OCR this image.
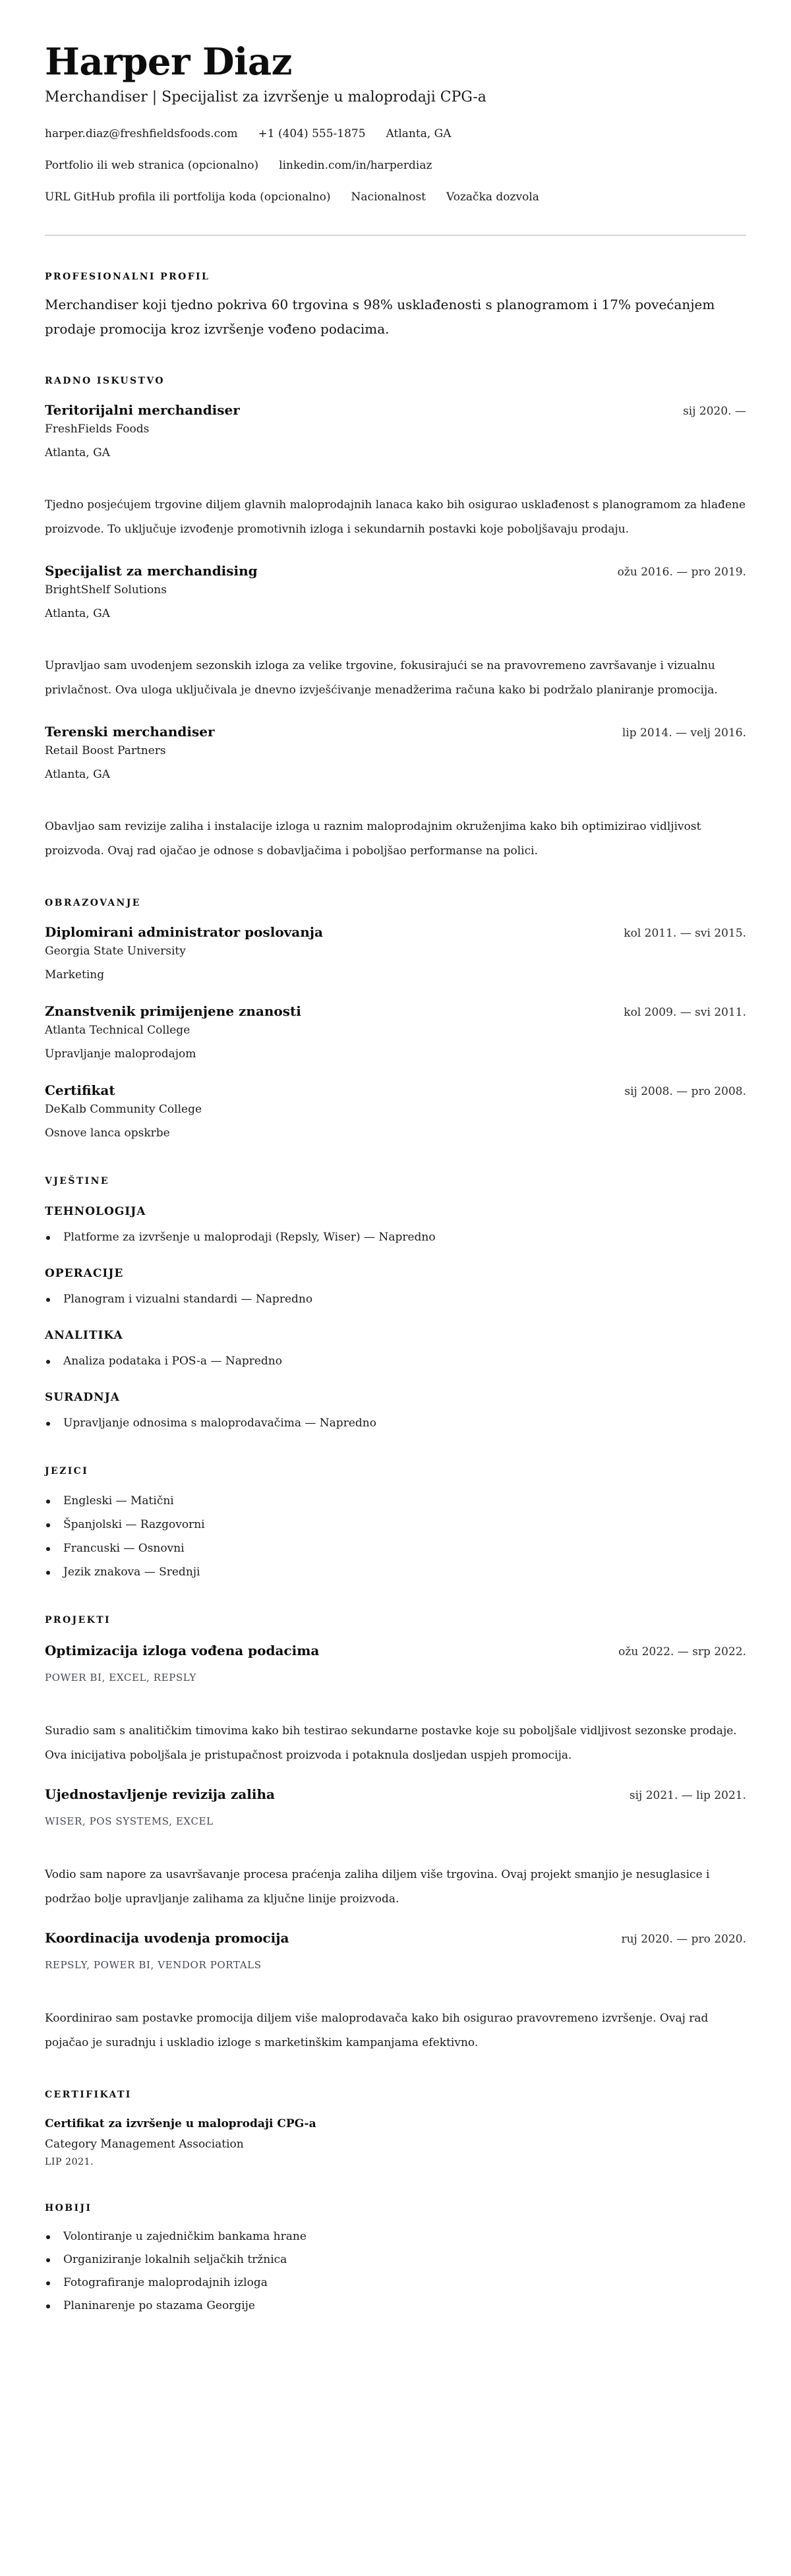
Harper Diaz
Merchandiser | Specijalist za izvršenje u maloprodaji CPG-a
harper.diaz@freshfieldsfoods.com +1 (404) 555-1875 Atlanta, GA
Portfolio ili web stranica (opcionalno) linkedin.com/in/harperdiaz
URL GitHub profila ili portfolija koda (opcionalno) Nacionalnost Vozačka dozvola
PROFESIONALNI PROFIL

Merchandiser koji tjedno pokriva 60 trgovina s 98% usklađenosti s planogramom i 17% povećanjem prodaje promocija kroz izvršenje vođeno podacima.

RADNO ISKUSTVO
Teritorijalni merchandiser	sij 2020. —
FreshFields Foods
Atlanta, GA

Tjedno posjećujem trgovine diljem glavnih maloprodajnih lanaca kako bih osigurao usklađenost s planogramom za hlađene proizvode. To uključuje izvođenje promotivnih izloga i sekundarnih postavki koje poboljšavaju prodaju.

Specijalist za merchandising	ožu 2016. — pro 2019.
BrightShelf Solutions
Atlanta, GA

Upravljao sam uvodenjem sezonskih izloga za velike trgovine, fokusirajući se na pravovremeno završavanje i vizualnu privlačnost. Ova uloga uključivala je dnevno izvješćivanje menadžerima računa kako bi podržalo planiranje promocija.

Terenski merchandiser	lip 2014. — velj 2016.
Retail Boost Partners
Atlanta, GA

Obavljao sam revizije zaliha i instalacije izloga u raznim maloprodajnim okruženjima kako bih optimizirao vidljivost proizvoda. Ovaj rad ojačao je odnose s dobavljačima i poboljšao performanse na polici.

OBRAZOVANJE
Diplomirani administrator poslovanja	kol 2011. — svi 2015.
Georgia State University
Marketing
Znanstvenik primijenjene znanosti	kol 2009. — svi 2011.
Atlanta Technical College
Upravljanje maloprodajom
Certifikat	sij 2008. — pro 2008.
DeKalb Community College
Osnove lanca opskrbe
VJEŠTINE
TEHNOLOGIJA
Platforme za izvršenje u maloprodaji (Repsly, Wiser) — Napredno
OPERACIJE
Planogram i vizualni standardi — Napredno
ANALITIKA
Analiza podataka i POS-a — Napredno
SURADNJA
Upravljanje odnosima s maloprodavačima — Napredno
JEZICI
Engleski — Matični
Španjolski — Razgovorni
Francuski — Osnovni
Jezik znakova — Srednji
PROJEKTI
Optimizacija izloga vođena podacima	ožu 2022. — srp 2022.
POWER BI, EXCEL, REPSLY

Suradio sam s analitičkim timovima kako bih testirao sekundarne postavke koje su poboljšale vidljivost sezonske prodaje. Ova inicijativa poboljšala je pristupačnost proizvoda i potaknula dosljedan uspjeh promocija.

Ujednostavljenje revizija zaliha	sij 2021. — lip 2021.
WISER, POS SYSTEMS, EXCEL

Vodio sam napore za usavršavanje procesa praćenja zaliha diljem više trgovina. Ovaj projekt smanjio je nesuglasice i podržao bolje upravljanje zalihama za ključne linije proizvoda.

Koordinacija uvodenja promocija	ruj 2020. — pro 2020.
REPSLY, POWER BI, VENDOR PORTALS

Koordinirao sam postavke promocija diljem više maloprodavača kako bih osigurao pravovremeno izvršenje. Ovaj rad pojačao je suradnju i uskladio izloge s marketinškim kampanjama efektivno.

CERTIFIKATI
Certifikat za izvršenje u maloprodaji CPG-a
Category Management Association
LIP 2021.
HOBIJI
Volontiranje u zajedničkim bankama hrane
Organiziranje lokalnih seljačkih tržnica
Fotografiranje maloprodajnih izloga
Planinarenje po stazama Georgije
